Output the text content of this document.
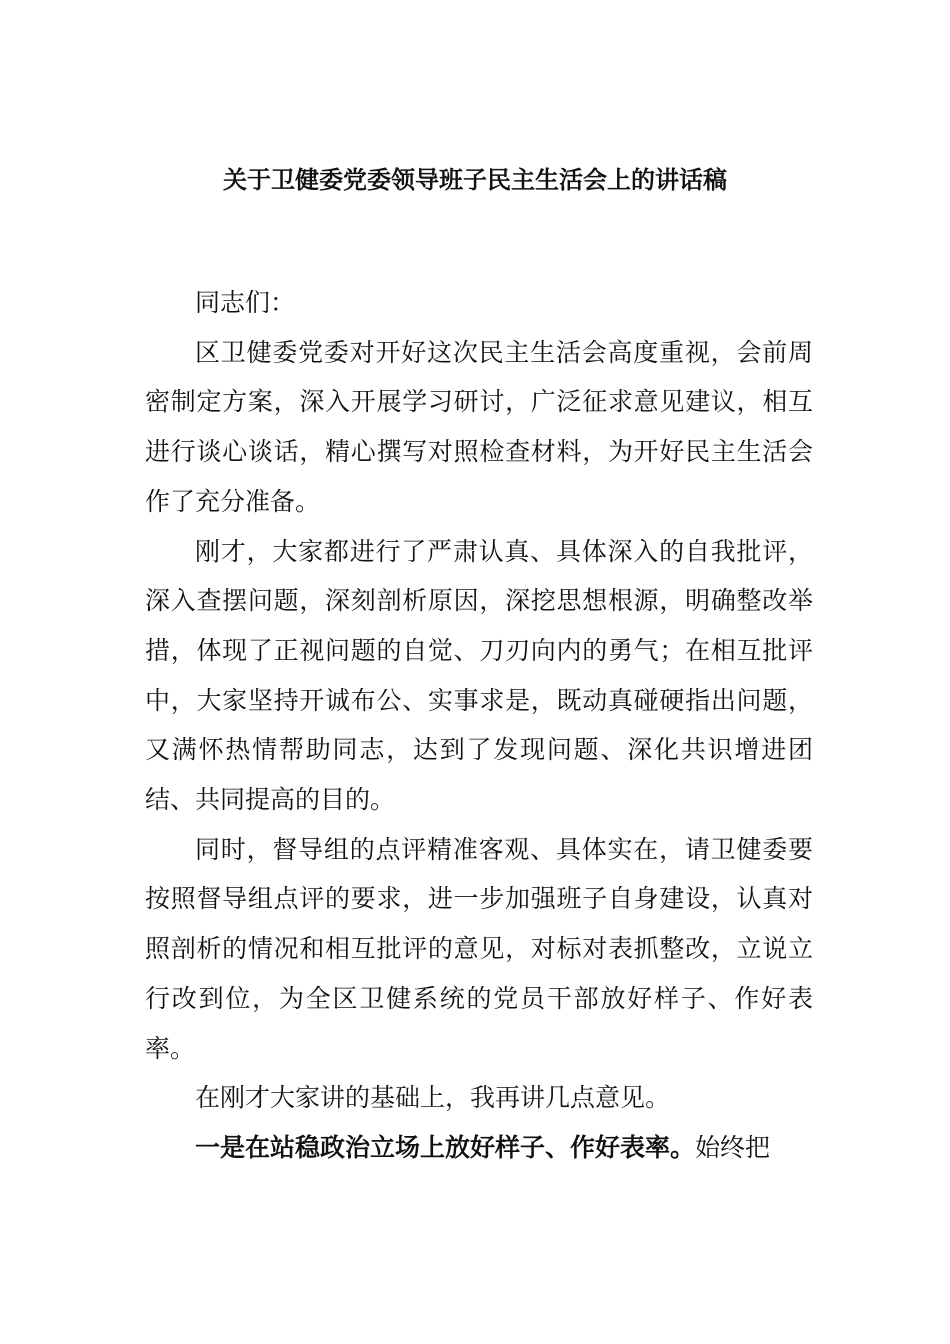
关于卫健委党委领导班子民主生活会上的讲话稿

同志们：

区卫健委党委对开好这次民主生活会高度重视，会前周密制定方案，深入开展学习研讨，广泛征求意见建议，相互进行谈心谈话，精心撰写对照检查材料，为开好民主生活会作了充分准备。

刚才，大家都进行了严肃认真、具体深入的自我批评，深入查摆问题，深刻剖析原因，深挖思想根源，明确整改举措，体现了正视问题的自觉、刀刃向内的勇气；在相互批评中，大家坚持开诚布公、实事求是，既动真碰硬指出问题，又满怀热情帮助同志，达到了发现问题、深化共识增进团结、共同提高的目的。

同时，督导组的点评精准客观、具体实在，请卫健委要按照督导组点评的要求，进一步加强班子自身建设，认真对照剖析的情况和相互批评的意见，对标对表抓整改，立说立行改到位，为全区卫健系统的党员干部放好样子、作好表率。

在刚才大家讲的基础上，我再讲几点意见。

一是在站稳政治立场上放好样子、作好表率。始终把
